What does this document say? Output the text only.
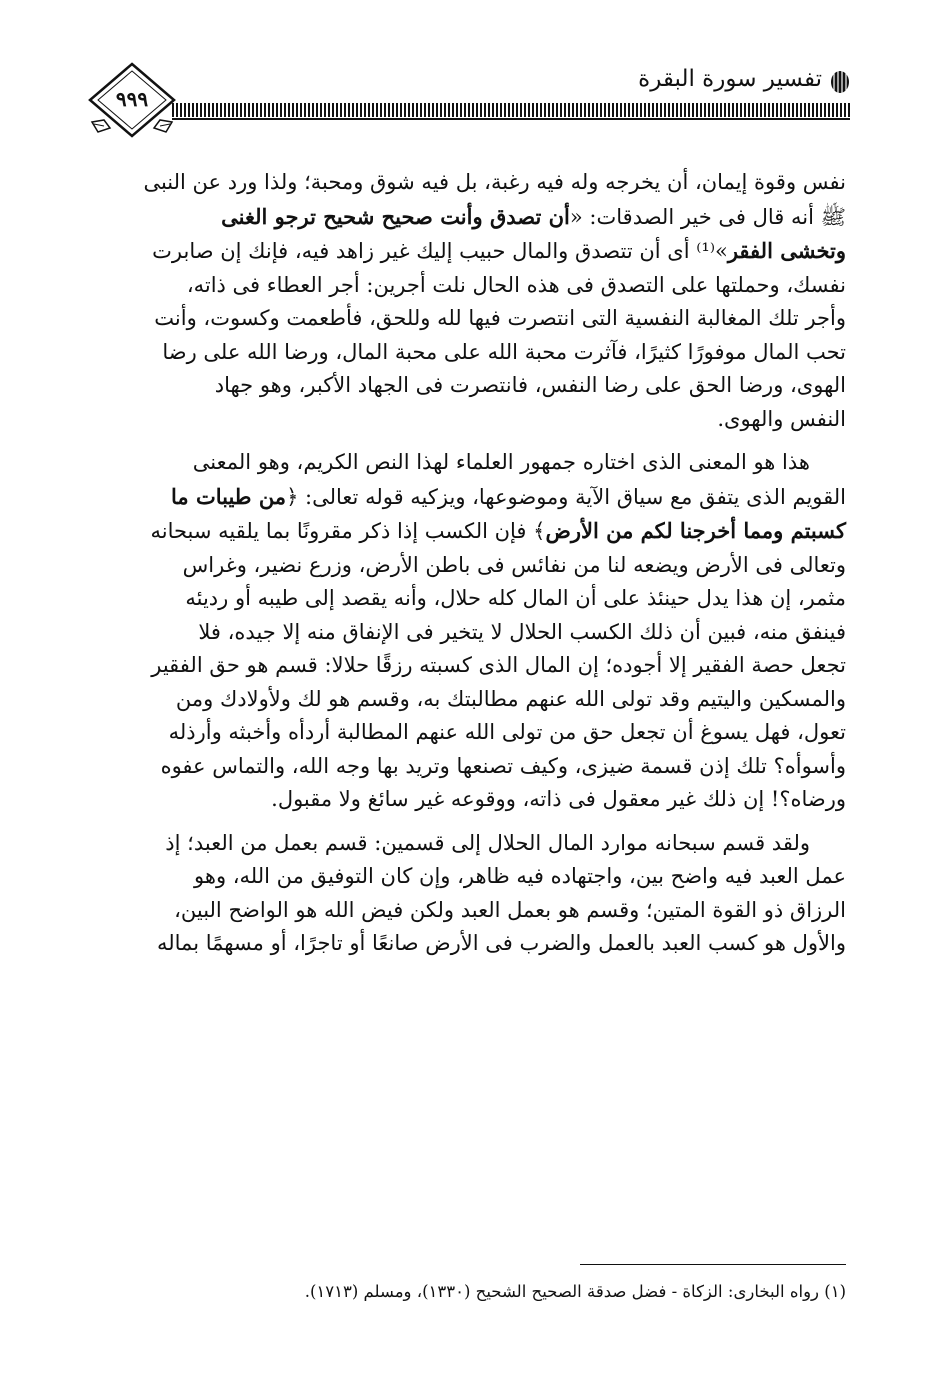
تفسير سورة البقرة
٩٩٩
نفس وقوة إيمان، أن يخرجه وله فيه رغبة، بل فيه شوق ومحبة؛ ولذا ورد عن النبى
ﷺ أنه قال فى خير الصدقات: «أن تصدق وأنت صحيح شحيح ترجو الغنى
وتخشى الفقر»⁽¹⁾ أى أن تتصدق والمال حبيب إليك غير زاهد فيه، فإنك إن صابرت
نفسك، وحملتها على التصدق فى هذه الحال نلت أجرين: أجر العطاء فى ذاته،
وأجر تلك المغالبة النفسية التى انتصرت فيها لله وللحق، فأطعمت وكسوت، وأنت
تحب المال موفورًا كثيرًا، فآثرت محبة الله على محبة المال، ورضا الله على رضا
الهوى، ورضا الحق على رضا النفس، فانتصرت فى الجهاد الأكبر، وهو جهاد
النفس والهوى.
هذا هو المعنى الذى اختاره جمهور العلماء لهذا النص الكريم، وهو المعنى
القويم الذى يتفق مع سياق الآية وموضوعها، ويزكيه قوله تعالى: ﴿من طيبات ما
كسبتم ومما أخرجنا لكم من الأرض﴾ فإن الكسب إذا ذكر مقرونًا بما يلقيه سبحانه
وتعالى فى الأرض ويضعه لنا من نفائس فى باطن الأرض، وزرع نضير، وغراس
مثمر، إن هذا يدل حينئذ على أن المال كله حلال، وأنه يقصد إلى طيبه أو رديئه
فينفق منه، فبين أن ذلك الكسب الحلال لا يتخير فى الإنفاق منه إلا جيده، فلا
تجعل حصة الفقير إلا أجوده؛ إن المال الذى كسبته رزقًا حلالا: قسم هو حق الفقير
والمسكين واليتيم وقد تولى الله عنهم مطالبتك به، وقسم هو لك ولأولادك ومن
تعول، فهل يسوغ أن تجعل حق من تولى الله عنهم المطالبة أردأه وأخبثه وأرذله
وأسوأه؟ تلك إذن قسمة ضيزى، وكيف تصنعها وتريد بها وجه الله، والتماس عفوه
ورضاه؟! إن ذلك غير معقول فى ذاته، ووقوعه غير سائغ ولا مقبول.
ولقد قسم سبحانه موارد المال الحلال إلى قسمين: قسم بعمل من العبد؛ إذ
عمل العبد فيه واضح بين، واجتهاده فيه ظاهر، وإن كان التوفيق من الله، وهو
الرزاق ذو القوة المتين؛ وقسم هو بعمل العبد ولكن فيض الله هو الواضح البين،
والأول هو كسب العبد بالعمل والضرب فى الأرض صانعًا أو تاجرًا، أو مسهمًا بماله
(١) رواه البخارى: الزكاة - فضل صدقة الصحيح الشحيح (١٣٣٠)، ومسلم (١٧١٣).
